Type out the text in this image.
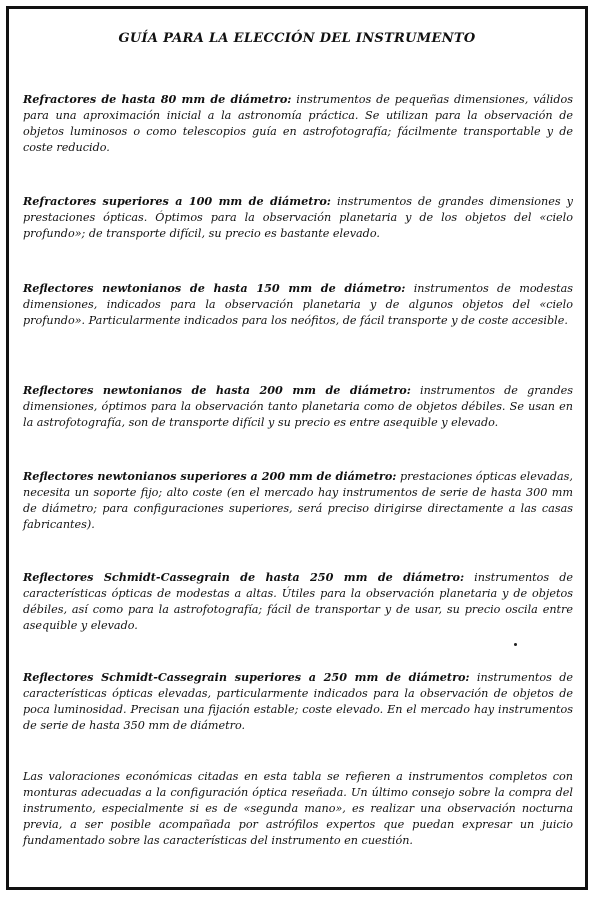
GUÍA PARA LA ELECCIÓN DEL INSTRUMENTO

Refractores de hasta 80 mm de diámetro: instrumentos de pequeñas dimensiones, válidos para una aproximación inicial a la astronomía práctica. Se utilizan para la observación de objetos luminosos o como telescopios guía en astrofotografía; fácilmente transportable y de coste reducido.

Refractores superiores a 100 mm de diámetro: instrumentos de grandes dimensiones y prestaciones ópticas. Óptimos para la observación planetaria y de los objetos del «cielo profundo»; de transporte difícil, su precio es bastante elevado.

Reflectores newtonianos de hasta 150 mm de diámetro: instrumentos de modestas dimensiones, indicados para la observación planetaria y de algunos objetos del «cielo profundo». Particularmente indicados para los neófitos, de fácil transporte y de coste accesible.

Reflectores newtonianos de hasta 200 mm de diámetro: instrumentos de grandes dimensiones, óptimos para la observación tanto planetaria como de objetos débiles. Se usan en la astrofotografía, son de transporte difícil y su precio es entre asequible y elevado.

Reflectores newtonianos superiores a 200 mm de diámetro: prestaciones ópticas elevadas, necesita un soporte fijo; alto coste (en el mercado hay instrumentos de serie de hasta 300 mm de diámetro; para configuraciones superiores, será preciso dirigirse directamente a las casas fabricantes).

Reflectores Schmidt-Cassegrain de hasta 250 mm de diámetro: instrumentos de características ópticas de modestas a altas. Útiles para la observación planetaria y de objetos débiles, así como para la astrofotografía; fácil de transportar y de usar, su precio oscila entre asequible y elevado.

Reflectores Schmidt-Cassegrain superiores a 250 mm de diámetro: instrumentos de características ópticas elevadas, particularmente indicados para la observación de objetos de poca luminosidad. Precisan una fijación estable; coste elevado. En el mercado hay instrumentos de serie de hasta 350 mm de diámetro.

Las valoraciones económicas citadas en esta tabla se refieren a instrumentos completos con monturas adecuadas a la configuración óptica reseñada. Un último consejo sobre la compra del instrumento, especialmente si es de «segunda mano», es realizar una observación nocturna previa, a ser posible acompañada por astrófilos expertos que puedan expresar un juicio fundamentado sobre las características del instrumento en cuestión.
